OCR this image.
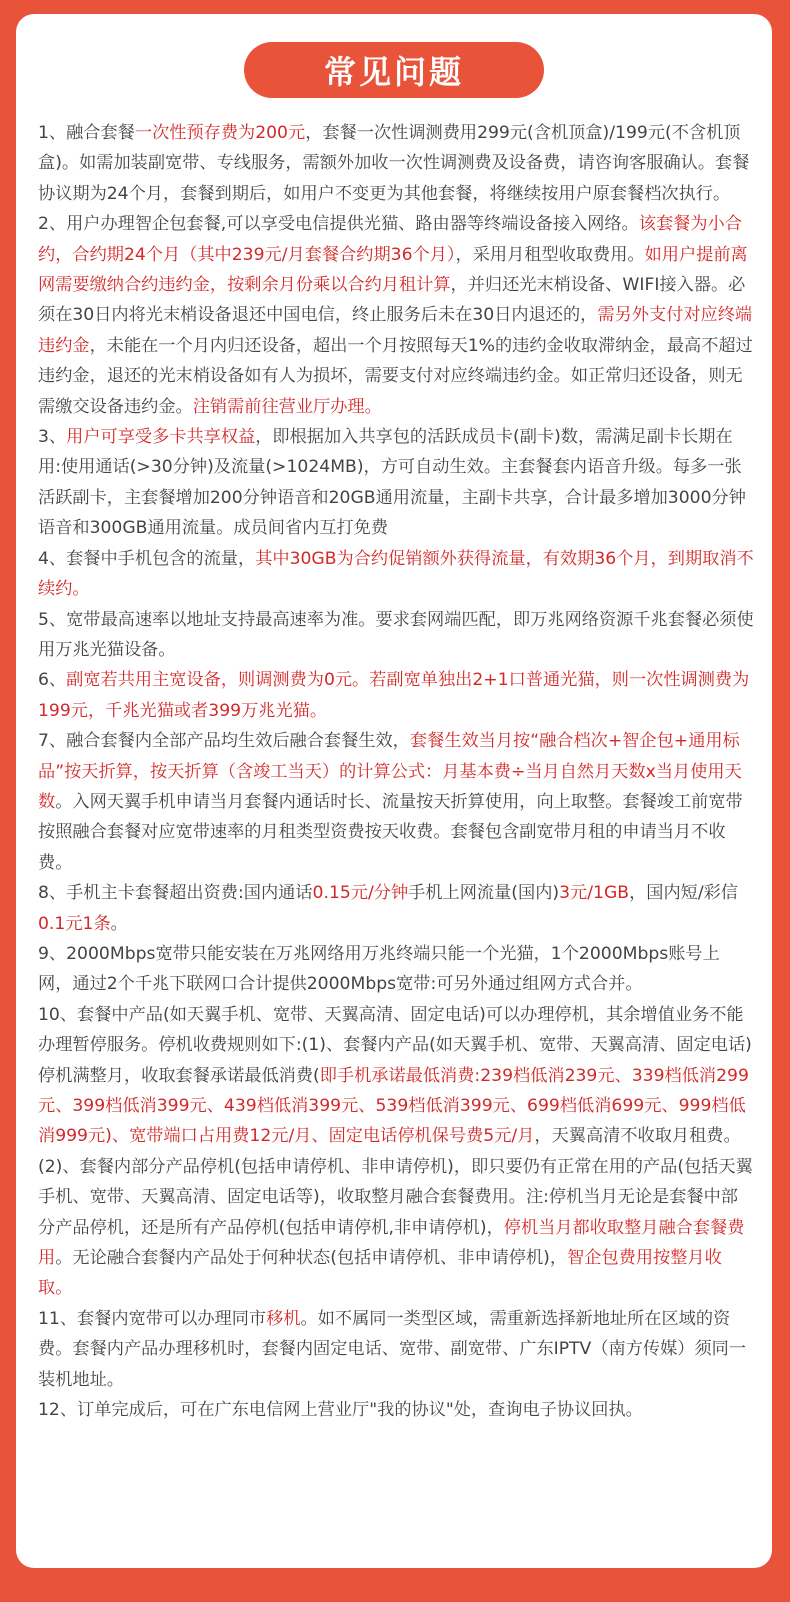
常见问题

1、融合套餐一次性预存费为200元，套餐一次性调测费用299元(含机顶盒)/199元(不含机顶盒)。如需加装副宽带、专线服务，需额外加收一次性调测费及设备费，请咨询客服确认。套餐协议期为24个月，套餐到期后，如用户不变更为其他套餐，将继续按用户原套餐档次执行。

2、用户办理智企包套餐,可以享受电信提供光猫、路由器等终端设备接入网络。该套餐为小合约，合约期24个月（其中239元/月套餐合约期36个月），采用月租型收取费用。如用户提前离网需要缴纳合约违约金，按剩余月份乘以合约月租计算，并归还光末梢设备、WIFI接入器。必须在30日内将光末梢设备退还中国电信，终止服务后未在30日内退还的，需另外支付对应终端违约金，未能在一个月内归还设备，超出一个月按照每天1%的违约金收取滞纳金，最高不超过违约金，退还的光末梢设备如有人为损坏，需要支付对应终端违约金。如正常归还设备，则无需缴交设备违约金。注销需前往营业厅办理。

3、用户可享受多卡共享权益，即根据加入共享包的活跃成员卡(副卡)数，需满足副卡长期在用:使用通话(>30分钟)及流量(>1024MB)，方可自动生效。主套餐套内语音升级。每多一张活跃副卡，主套餐增加200分钟语音和20GB通用流量，主副卡共享，合计最多增加3000分钟语音和300GB通用流量。成员间省内互打免费

4、套餐中手机包含的流量，其中30GB为合约促销额外获得流量，有效期36个月，到期取消不续约。

5、宽带最高速率以地址支持最高速率为准。要求套网端匹配，即万兆网络资源千兆套餐必须使用万兆光猫设备。

6、副宽若共用主宽设备，则调测费为0元。若副宽单独出2+1口普通光猫，则一次性调测费为199元，千兆光猫或者399万兆光猫。

7、融合套餐内全部产品均生效后融合套餐生效，套餐生效当月按“融合档次+智企包+通用标品”按天折算，按天折算（含竣工当天）的计算公式：月基本费÷当月自然月天数x当月使用天数。入网天翼手机申请当月套餐内通话时长、流量按天折算使用，向上取整。套餐竣工前宽带按照融合套餐对应宽带速率的月租类型资费按天收费。套餐包含副宽带月租的申请当月不收费。

8、手机主卡套餐超出资费:国内通话0.15元/分钟手机上网流量(国内)3元/1GB，国内短/彩信0.1元1条。

9、2000Mbps宽带只能安装在万兆网络用万兆终端只能一个光猫，1个2000Mbps账号上网，通过2个千兆下联网口合计提供2000Mbps宽带:可另外通过组网方式合并。

10、套餐中产品(如天翼手机、宽带、天翼高清、固定电话)可以办理停机，其余增值业务不能办理暂停服务。停机收费规则如下:(1)、套餐内产品(如天翼手机、宽带、天翼高清、固定电话)停机满整月，收取套餐承诺最低消费(即手机承诺最低消费:239档低消239元、339档低消299元、399档低消399元、439档低消399元、539档低消399元、699档低消699元、999档低消999元)、宽带端口占用费12元/月、固定电话停机保号费5元/月，天翼高清不收取月租费。(2)、套餐内部分产品停机(包括申请停机、非申请停机)，即只要仍有正常在用的产品(包括天翼手机、宽带、天翼高清、固定电话等)，收取整月融合套餐费用。注:停机当月无论是套餐中部分产品停机，还是所有产品停机(包括申请停机,非申请停机)，停机当月都收取整月融合套餐费用。无论融合套餐内产品处于何种状态(包括申请停机、非申请停机)，智企包费用按整月收取。

11、套餐内宽带可以办理同市移机。如不属同一类型区域，需重新选择新地址所在区域的资费。套餐内产品办理移机时，套餐内固定电话、宽带、副宽带、广东IPTV（南方传媒）须同一装机地址。

12、订单完成后，可在广东电信网上营业厅"我的协议"处，查询电子协议回执。
